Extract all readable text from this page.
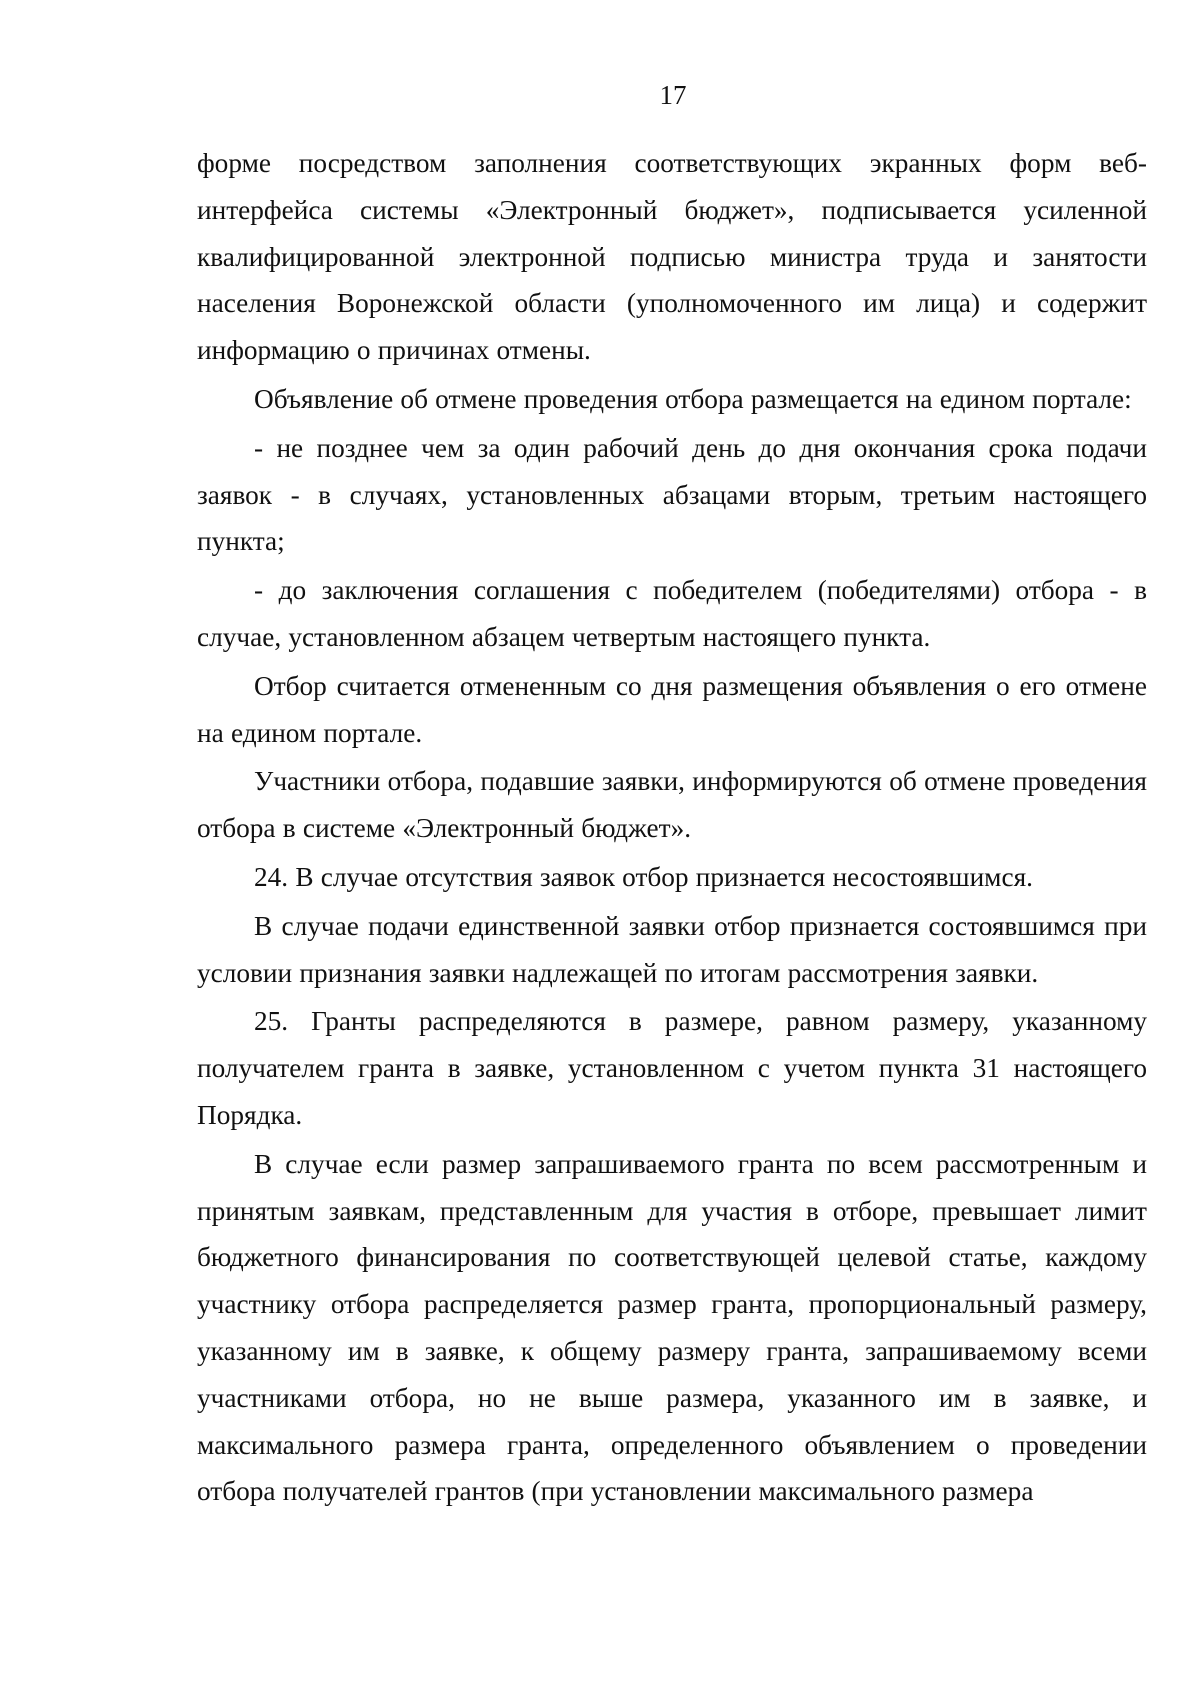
17

форме посредством заполнения соответствующих экранных форм веб-интерфейса системы «Электронный бюджет», подписывается усиленной квалифицированной электронной подписью министра труда и занятости населения Воронежской области (уполномоченного им лица) и содержит информацию о причинах отмены.

Объявление об отмене проведения отбора размещается на едином портале:

- не позднее чем за один рабочий день до дня окончания срока подачи заявок - в случаях, установленных абзацами вторым, третьим настоящего пункта;

- до заключения соглашения с победителем (победителями) отбора - в случае, установленном абзацем четвертым настоящего пункта.

Отбор считается отмененным со дня размещения объявления о его отмене на едином портале.

Участники отбора, подавшие заявки, информируются об отмене проведения отбора в системе «Электронный бюджет».

24. В случае отсутствия заявок отбор признается несостоявшимся.

В случае подачи единственной заявки отбор признается состоявшимся при условии признания заявки надлежащей по итогам рассмотрения заявки.

25. Гранты распределяются в размере, равном размеру, указанному получателем гранта в заявке, установленном с учетом пункта 31 настоящего Порядка.

В случае если размер запрашиваемого гранта по всем рассмотренным и принятым заявкам, представленным для участия в отборе, превышает лимит бюджетного финансирования по соответствующей целевой статье, каждому участнику отбора распределяется размер гранта, пропорциональный размеру, указанному им в заявке, к общему размеру гранта, запрашиваемому всеми участниками отбора, но не выше размера, указанного им в заявке, и максимального размера гранта, определенного объявлением о проведении отбора получателей грантов (при установлении максимального размера
